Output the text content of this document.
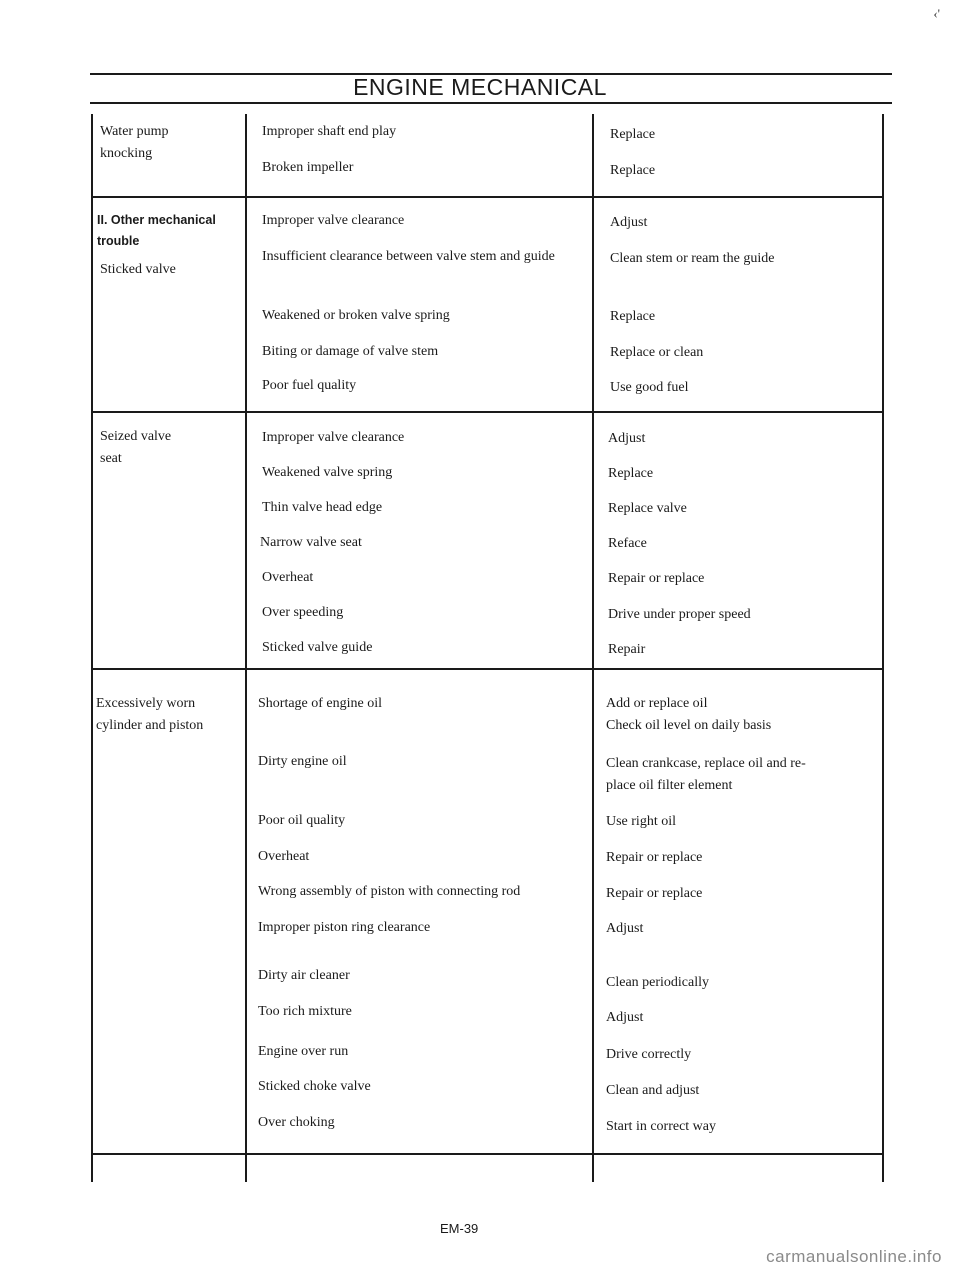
ENGINE MECHANICAL
‹'
Water pump
knocking
Improper shaft end play	Replace
Broken impeller	Replace
II. Other mechanical
trouble
Sticked valve
Improper valve clearance	Adjust
Insufficient clearance between valve stem and guide	Clean stem or ream the guide
Weakened or broken valve spring	Replace
Biting or damage of valve stem	Replace or clean
Poor fuel quality	Use good fuel
Seized valve
seat
Improper valve clearance	Adjust
Weakened valve spring	Replace
Thin valve head edge	Replace valve
Narrow valve seat	Reface
Overheat	Repair or replace
Over speeding	Drive under proper speed
Sticked valve guide	Repair
Excessively worn
cylinder and piston
Shortage of engine oil	Add or replace oil
Check oil level on daily basis
Dirty engine oil	Clean crankcase, replace oil and re-
place oil filter element
Poor oil quality	Use right oil
Overheat	Repair or replace
Wrong assembly of piston with connecting rod	Repair or replace
Improper piston ring clearance	Adjust
Dirty air cleaner	Clean periodically
Too rich mixture	Adjust
Engine over run	Drive correctly
Sticked choke valve	Clean and adjust
Over choking	Start in correct way
EM-39
carmanualsonline.info
